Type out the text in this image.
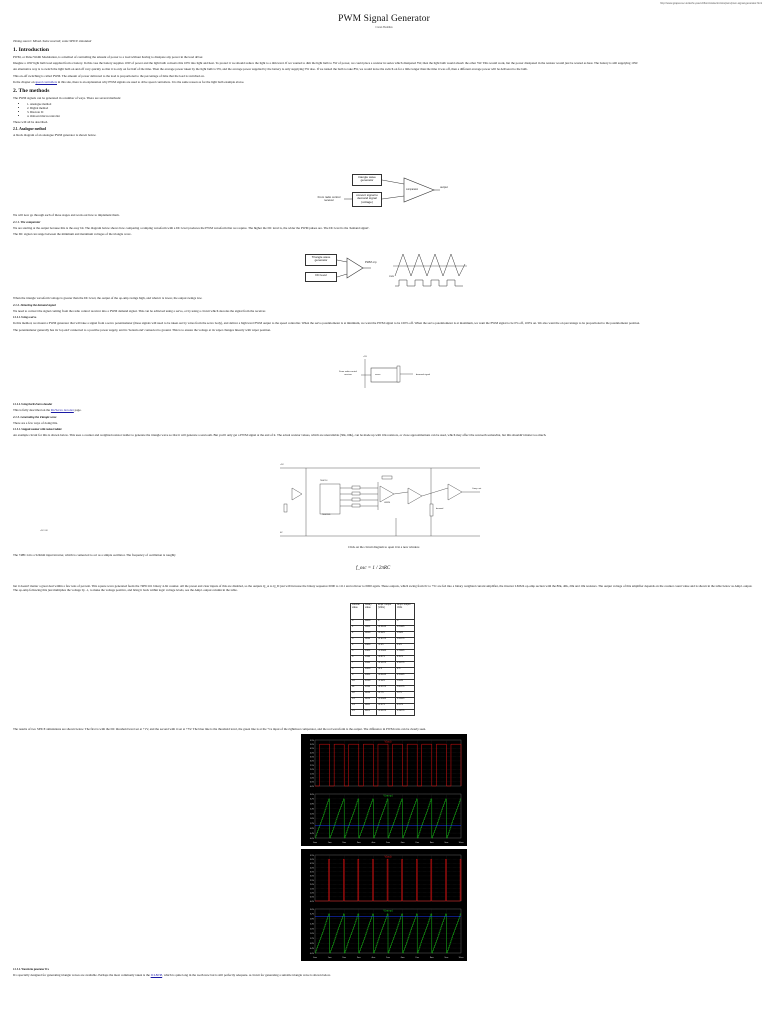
http://www.grapes.ie/~lenkoh/~paul.clifton/cs/electronics/pwm/pwm-signal-generator.html
PWM Signal Generator
Ciaran Houlihan
Timing source: Mixed. Some sourced; some SPICE simulated
1. Introduction

PWM, or Pulse Width Modulation, is a method of controlling the amount of power to a load without having to dissipate any power in the load driver.

Imagine a 10W light bulb load supplied from a battery. In this case the battery supplies 10W of power and the light bulb converts this 10W into light and heat. To protect it we should reduce the light to a dim level. If we wanted to dim the light bulb to 5W of power, we could place a resistor in series which dissipated 5W, then the light bulb would absorb the other 5W. This would work, but the power dissipated in the resistor would just be wasted as heat. The battery is still supplying 10W.

An alternative way is to switch the light bulb on and off very quickly so that it is only on for half of the time. Then the average power taken by the light bulb is 5W, and the average power supplied by the battery is only supplying 5W also. If we turned the bulb to take 8W, we would leave the switch on for a little longer than the time it was off, then a different average power will be delivered to the bulb.

This on-off switching is called PWM. The amount of power delivered to the load is proportional to the percentage of time that the load is switched on.

In the chapter on speed controllers in this site, there is an explanation why PWM signals are used to drive speed controllers. It is the same reason as for the light bulb example above.

2. The methods

The PWM signals can be generated in a number of ways. There are several methods:

• 1. Analogue method
• 2. Digital method
• 3. Discrete IC
• 4. Onboard microcontroller

These will all be described.

2.1. Analogue method

A block diagram of an analogue PWM generator is shown below.

triangle wave generator
convert signal to demand signal (voltage)
From radio control receiver
output
comparator

We will now go through each of these stages and work out how to implement them.

2.1.1. The comparator

We are starting at the output because this is the easy bit. The diagram below shows how comparing a ramping waveform with a DC level produces the PWM waveform that we require. The higher the DC level is, the wider the PWM pulses are. The DC level is the 'demand signal'.

The DC signal can range between the minimum and maximum voltages of the triangle wave.

Triangle wave generator
DC level
PWM o/p
PWM

When the triangle waveform voltage is greater than the DC level, the output of the op-amp swings high, and when it is lower, the output swings low.

2.1.2. Detecting the demand signal

We need to convert the signal coming from the radio control receiver into a PWM demand signal. This can be achieved using a servo, or by using a circuit which decodes the signal from the receiver.

2.1.2.1. Using a servo

In this method, we mount a PWM generator that will take a signal from a servo potentiometer (these signals will need to be taken out by wires from the servo body), and deliver a high level PWM output to the speed controller. When the servo potentiometer is at minimum, we want the PWM signal to be 100% off. When the servo potentiometer is at maximum, we want the PWM signal to be 0% off, 100% on. We also want the on percentage to be proportional to the potentiometer position.

The potentiometer generally has its 'top end' connected to a positive power supply, and its 'bottom end' connected to ground. This is to ensure the voltage at its wiper changes linearly with wiper position.

+5V
From radio control receiver	servo	demand signal
2.1.2.2. Using the Rx/Servo decoder

This is fully described on the Rx/Servo decoder page.

2.1.3. Generating the triangle wave

There are a few ways of doing this.

2.1.3.1. Stepped counter with resistor ladder

An example circuit for this is shown below. This uses a counter and weighted resistor ladder to generate the triangle wave so that it will generate a sawtooth. But you'll only get a PWM signal at the end of it. The actual resistor values, which are unavailable (30k, 60k), can be made up with 10k resistors, or close approximations can be used, which may affect the sawtooth somewhat, but this shouldn't matter too much.

74HC14
74HC161
LM324
+5V
0V
Comp. out
demand
+5V / 0V
Click on the circuit diagram to open it in a new window.

The 74HC14 is a Schmitt input inverter, which is connected to act as a simple oscillator. The frequency of oscillation is roughly

f_osc = 1 / 2πRC

but it doesn't matter a great deal within a few tens of percent. This square wave generated feeds the 74HC161 binary 4-bit counter. All the preset and clear inputs of this are disabled, so the outputs Q_A to Q_D just will increase the binary sequence 0000 to 1111 and rollover to 0000 again. These outputs, which swing from 0v to +5v are fed into a binary weighted current amplifier, the inverter LM324 op-amp section with the 80k, 40k, 20k and 10k resistors. The output voltage of this amplifier depends on the counter count value and is shown in the table below as Ampl. output. The op-amp following this just multiplies the voltage by -1, to make the voltage positive, and bring it back within logic voltage levels, see the Ampl. output column in the table.

counter value	binary value	ampl. output (Volts)	Ampl. output Volts
0	0000	0	0
1	0001	-0.3125	0.3125
2	0010	-0.625	0.625
3	0011	-0.9375	0.9375
4	0100	-1.25	1.25
5	0101	-1.5625	1.5625
6	0110	-1.875	1.875
7	0111	-2.1875	2.1875
8	1000	-2.5	2.5
9	1001	-2.8125	2.8125
10	1010	-3.125	3.125
11	1011	-3.4375	3.4375
12	1100	-3.75	3.75
13	1101	-4.0625	4.0625
14	1110	-4.375	4.375
15	1111	-4.6875	4.6875

The results of two SPICE simulations are shown below. The first is with the DC threshold level set at +1V, and the second with it set at +3V. The blue line is the threshold level, the green line is at the +ve input of the rightmost comparator, and the red waveform is the output. The difference in PWM ratio can be clearly seen.

V(out)
5.5V
5.0V
4.5V
4.0V
3.5V
3.0V
2.5V
2.0V
1.5V
1.0V
0.5V
0.0V
V(ramp)
3.6V
3.2V
2.8V
2.4V
2.0V
1.6V
1.2V
0.8V
0.4V
0.0V
0ms	1ms	2ms	3ms	4ms	5ms	6ms	7ms	8ms	9ms	10ms
V(out)
5.5V
5.0V
4.5V
4.0V
3.5V
3.0V
2.5V
2.0V
1.5V
1.0V
0.5V
0.0V
V(ramp)
3.6V
3.2V
2.8V
2.4V
2.0V
1.6V
1.2V
0.8V
0.4V
0.0V
0ms	1ms	2ms	3ms	4ms	5ms	6ms	7ms	8ms	9ms	10ms
2.1.3.2. Waveform generator ICs

ICs specially designed for generating triangle waves are available. Perhaps the most commonly taken is the ICL8038, which is quite long in the tooth now but is still perfectly adequate. A circuit for generating a suitable triangle wave is shown below.
